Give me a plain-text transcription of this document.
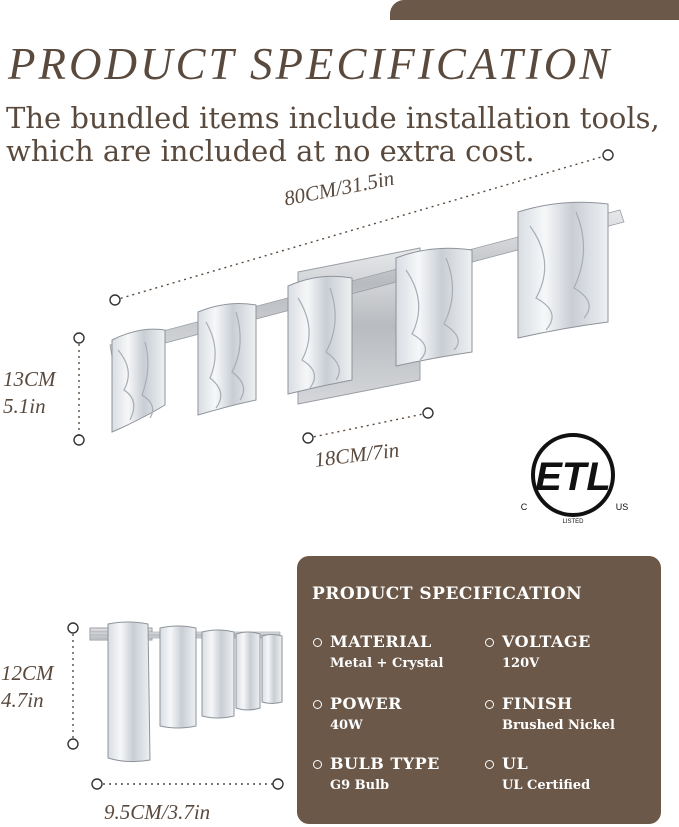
PRODUCT SPECIFICATION
The bundled items include installation tools,
which are included at no extra cost.
80CM/31.5in
13CM
5.1in
18CM/7in
ETL
C	US
LISTED
12CM
4.7in
9.5CM/3.7in
PRODUCT SPECIFICATION
MATERIAL
Metal + Crystal
VOLTAGE
120V
POWER
40W
FINISH
Brushed Nickel
BULB TYPE
G9 Bulb
UL
UL Certified
